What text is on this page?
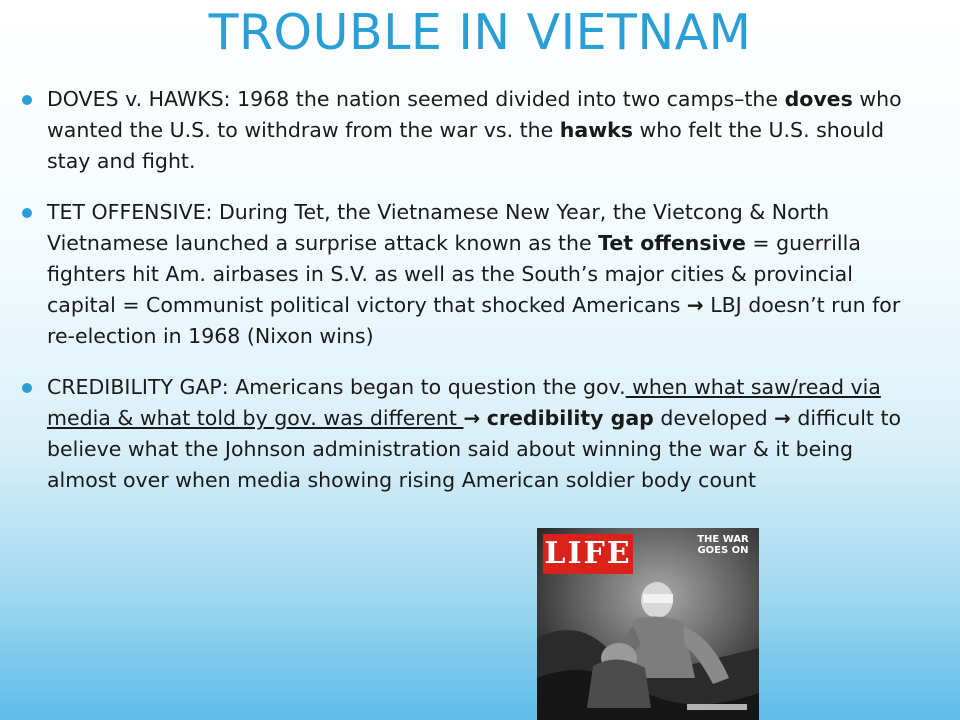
TROUBLE IN VIETNAM
DOVES v. HAWKS: 1968 the nation seemed divided into two camps–the doves who wanted the U.S. to withdraw from the war vs. the hawks who felt the U.S. should stay and fight.
TET OFFENSIVE: During Tet, the Vietnamese New Year, the Vietcong & North Vietnamese launched a surprise attack known as the Tet offensive = guerrilla fighters hit Am. airbases in S.V. as well as the South’s major cities & provincial capital = Communist political victory that shocked Americans → LBJ doesn’t run for re-election in 1968 (Nixon wins)
CREDIBILITY GAP: Americans began to question the gov. when what saw/read via media & what told by gov. was different → credibility gap developed → difficult to believe what the Johnson administration said about winning the war & it being almost over when media showing rising American soldier body count
LIFE	THE WAR GOES ON
